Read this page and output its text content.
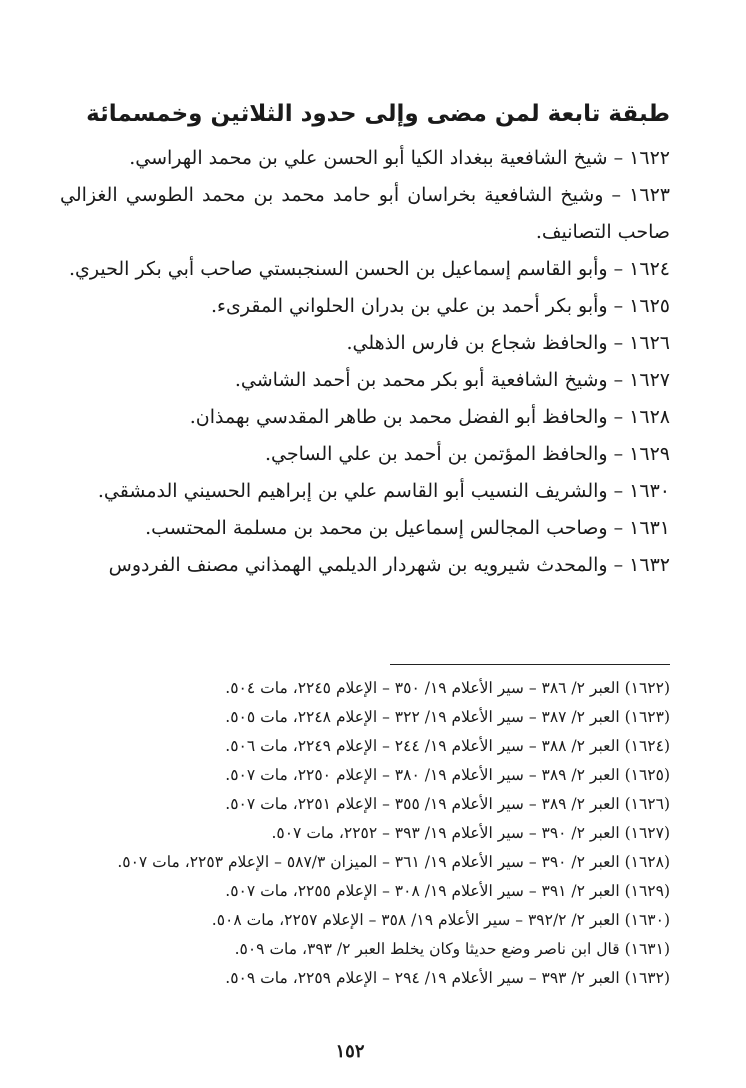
طبقة تابعة لمن مضى وإلى حدود الثلاثين وخمسمائة
١٦٢٢ – شيخ الشافعية ببغداد الكيا أبو الحسن علي بن محمد الهراسي.
١٦٢٣ – وشيخ الشافعية بخراسان أبو حامد محمد بن محمد الطوسي الغزالي صاحب التصانيف.
١٦٢٤ – وأبو القاسم إسماعيل بن الحسن السنجبستي صاحب أبي بكر الحيري.
١٦٢٥ – وأبو بكر أحمد بن علي بن بدران الحلواني المقرىء.
١٦٢٦ – والحافظ شجاع بن فارس الذهلي.
١٦٢٧ – وشيخ الشافعية أبو بكر محمد بن أحمد الشاشي.
١٦٢٨ – والحافظ أبو الفضل محمد بن طاهر المقدسي بهمذان.
١٦٢٩ – والحافظ المؤتمن بن أحمد بن علي الساجي.
١٦٣٠ – والشريف النسيب أبو القاسم علي بن إبراهيم الحسيني الدمشقي.
١٦٣١ – وصاحب المجالس إسماعيل بن محمد بن مسلمة المحتسب.
١٦٣٢ – والمحدث شيرويه بن شهردار الديلمي الهمذاني مصنف الفردوس
(١٦٢٢) العبر ٢/ ٣٨٦ – سير الأعلام ١٩/ ٣٥٠ – الإعلام ٢٢٤٥، مات ٥٠٤.
(١٦٢٣) العبر ٢/ ٣٨٧ – سير الأعلام ١٩/ ٣٢٢ – الإعلام ٢٢٤٨، مات ٥٠٥.
(١٦٢٤) العبر ٢/ ٣٨٨ – سير الأعلام ١٩/ ٢٤٤ – الإعلام ٢٢٤٩، مات ٥٠٦.
(١٦٢٥) العبر ٢/ ٣٨٩ – سير الأعلام ١٩/ ٣٨٠ – الإعلام ٢٢٥٠، مات ٥٠٧.
(١٦٢٦) العبر ٢/ ٣٨٩ – سير الأعلام ١٩/ ٣٥٥ – الإعلام ٢٢٥١، مات ٥٠٧.
(١٦٢٧) العبر ٢/ ٣٩٠ – سير الأعلام ١٩/ ٣٩٣ – ٢٢٥٢، مات ٥٠٧.
(١٦٢٨) العبر ٢/ ٣٩٠ – سير الأعلام ١٩/ ٣٦١ – الميزان ٥٨٧/٣ – الإعلام ٢٢٥٣، مات ٥٠٧.
(١٦٢٩) العبر ٢/ ٣٩١ – سير الأعلام ١٩/ ٣٠٨ – الإعلام ٢٢٥٥، مات ٥٠٧.
(١٦٣٠) العبر ٢/ ٣٩٢/٢ – سير الأعلام ١٩/ ٣٥٨ – الإعلام ٢٢٥٧، مات ٥٠٨.
(١٦٣١) قال ابن ناصر وضع حديثا وكان يخلط العبر ٢/ ٣٩٣، مات ٥٠٩.
(١٦٣٢) العبر ٢/ ٣٩٣ – سير الأعلام ١٩/ ٢٩٤ – الإعلام ٢٢٥٩، مات ٥٠٩.
١٥٢
